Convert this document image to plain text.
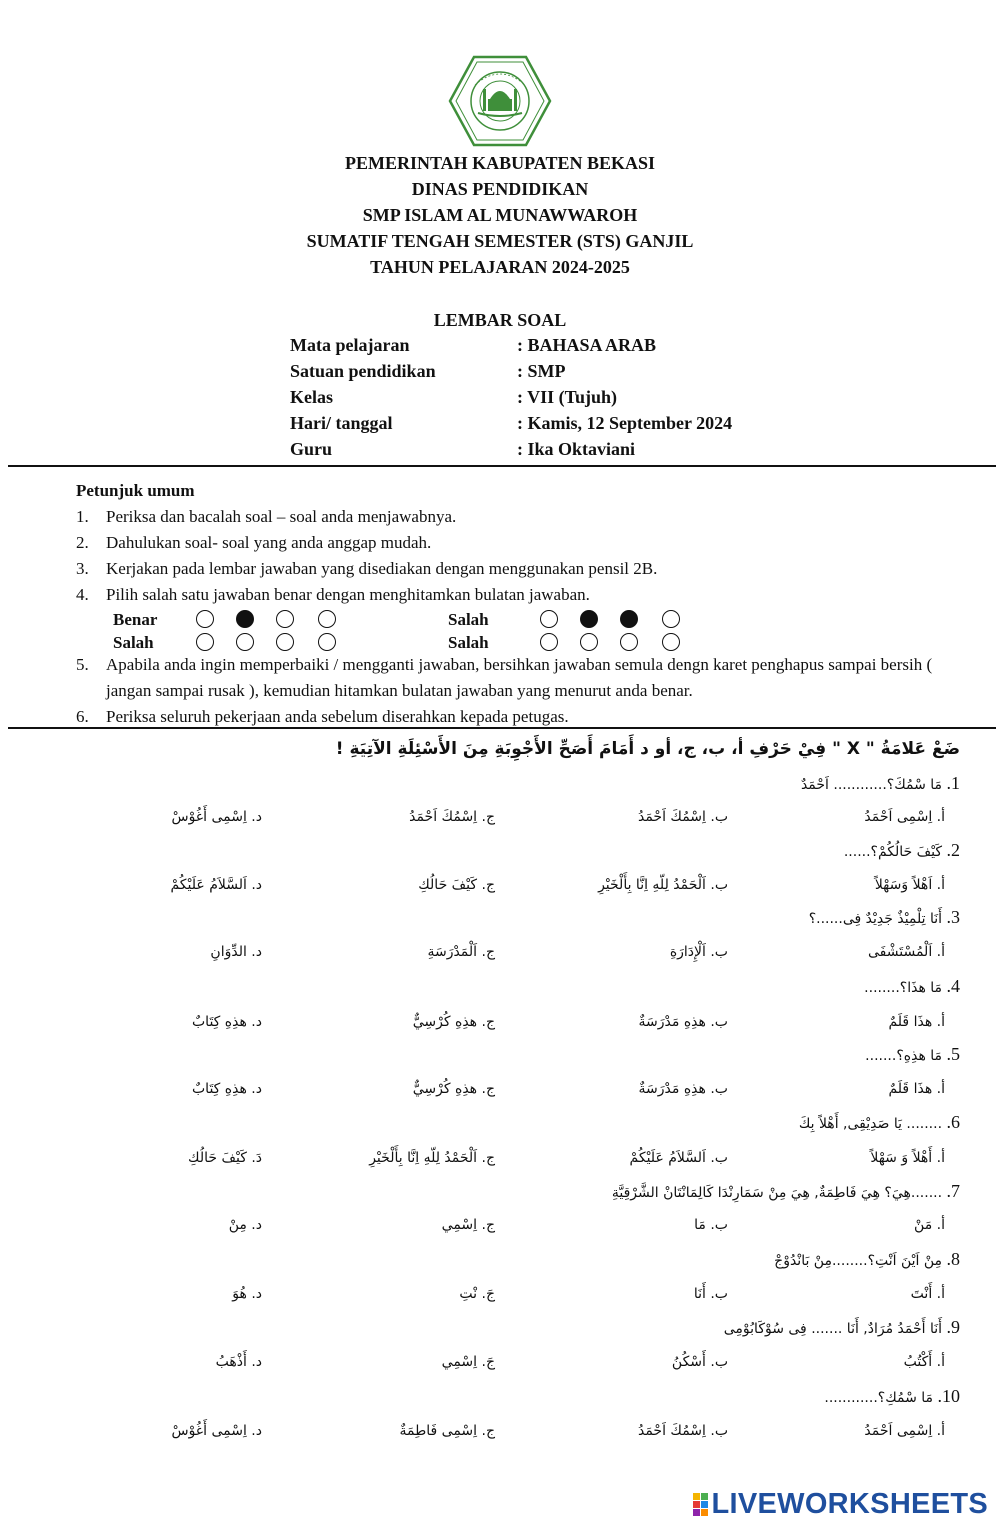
PEMERINTAH KABUPATEN BEKASI
DINAS PENDIDIKAN
SMP ISLAM AL MUNAWWAROH
SUMATIF TENGAH SEMESTER (STS) GANJIL
TAHUN PELAJARAN 2024-2025
LEMBAR SOAL
Mata pelajaran	: BAHASA ARAB
Satuan pendidikan	: SMP
Kelas	: VII (Tujuh)
Hari/ tanggal	: Kamis, 12 September 2024
Guru	: Ika Oktaviani
Petunjuk umum
1. Periksa dan bacalah soal – soal anda menjawabnya.
2. Dahulukan soal- soal yang anda anggap mudah.
3. Kerjakan pada lembar jawaban yang disediakan dengan menggunakan pensil 2B.
4. Pilih salah satu jawaban benar dengan menghitamkan bulatan jawaban.
Benar	Salah
Salah	Salah
5. Apabila anda ingin memperbaiki / mengganti jawaban, bersihkan jawaban semula dengn karet penghapus sampai bersih ( jangan sampai rusak ), kemudian hitamkan bulatan jawaban yang menurut anda benar.
6. Periksa seluruh pekerjaan anda sebelum diserahkan kepada petugas.
ضَعْ عَلامَةُ " X " فِيْ حَرْفِ أ، ب، ج، أو د أَمَامَ أَصَحِّ الأَجْوِبَةِ مِنَ الأَسْئِلَةِ الآتِيَةِ !
1. مَا سْمُكَ؟............ اَحْمَدٌ
أ. اِسْمِى اَحْمَدُ
ب. اِسْمُكَ اَحْمَدُ
ج. اِسْمُكَ اَحْمَدُ
د. اِسْمِى أَغُوْسْ
2. كَيْفَ حَالُكُمْ؟......
أ. اَهْلاً وَسَهْلاً
ب. اَلْحَمْدُ لِلّهِ اِنَّا بِأَلْخَيْرِ
ج. كَيْفَ حَالُكِ
د. اَلسَّلاَمُ عَلَيْكُمْ
3. أَنَا تِلْمِيْذٌ جَدِيْدٌ فِى......؟
أ. اَلْمُسْتَشْفَى
ب. اَلْإِدَارَةِ
ج. اَلْمَدْرَسَةِ
د. الدِّوَانِ
4. مَا هذَا؟........
أ. هذَا قَلَمٌ
ب. هذِهِ مَدْرَسَةٌ
ج. هذِهِ كُرْسِيٌّ
د. هذِهِ كِتَابٌ
5. مَا هذِهِ؟.......
أ. هذَا قَلَمٌ
ب. هذِهِ مَدْرَسَةٌ
ج. هذِهِ كُرْسِيٌّ
د. هذِهِ كِتَابٌ
6. ........ يَا صَدِيْقِى, أَهْلاً بِكَ
أ. أَهْلاً وَ سَهْلاً
ب. اَلسَّلاَمُ عَلَيْكُمْ
ج. اَلْحَمْدُ لِلّهِ اِنَّا بِأَلْخَيْرِ
دَ. كَيْفَ حَالُكِ
7. .......هِيَ؟ هِيَ فَاطِمَةٌ, هِيَ مِنْ سَمَارِنْدَا كَالِمَانْتَانْ الشَّرْقِيَّةِ
أ. مَنْ
ب. مَا
ج. اِسْمِي
د. مِنْ
8. مِنْ اَيْنَ اَنْتِ؟........مِنْ بَانْدُوْجْ
أ. أَنْتَ
ب. أَنَا
جَ. نْتِ
د. هُوَ
9. أَنَا أَحْمَدُ مُرَادٌ, أَنَا ....... فِى سُوْكَابُوْمِى
أ. أَكْتُبُ
ب. أَسْكُنُ
جَ. اِسْمِي
د. أَذْهَبُ
10. مَا سْمُكِ؟............
أ. اِسْمِى اَحْمَدُ
ب. اِسْمُكَ اَحْمَدُ
ج. اِسْمِى فَاطِمَةٌ
د. اِسْمِى أَغُوْسْ
LIVEWORKSHEETS
